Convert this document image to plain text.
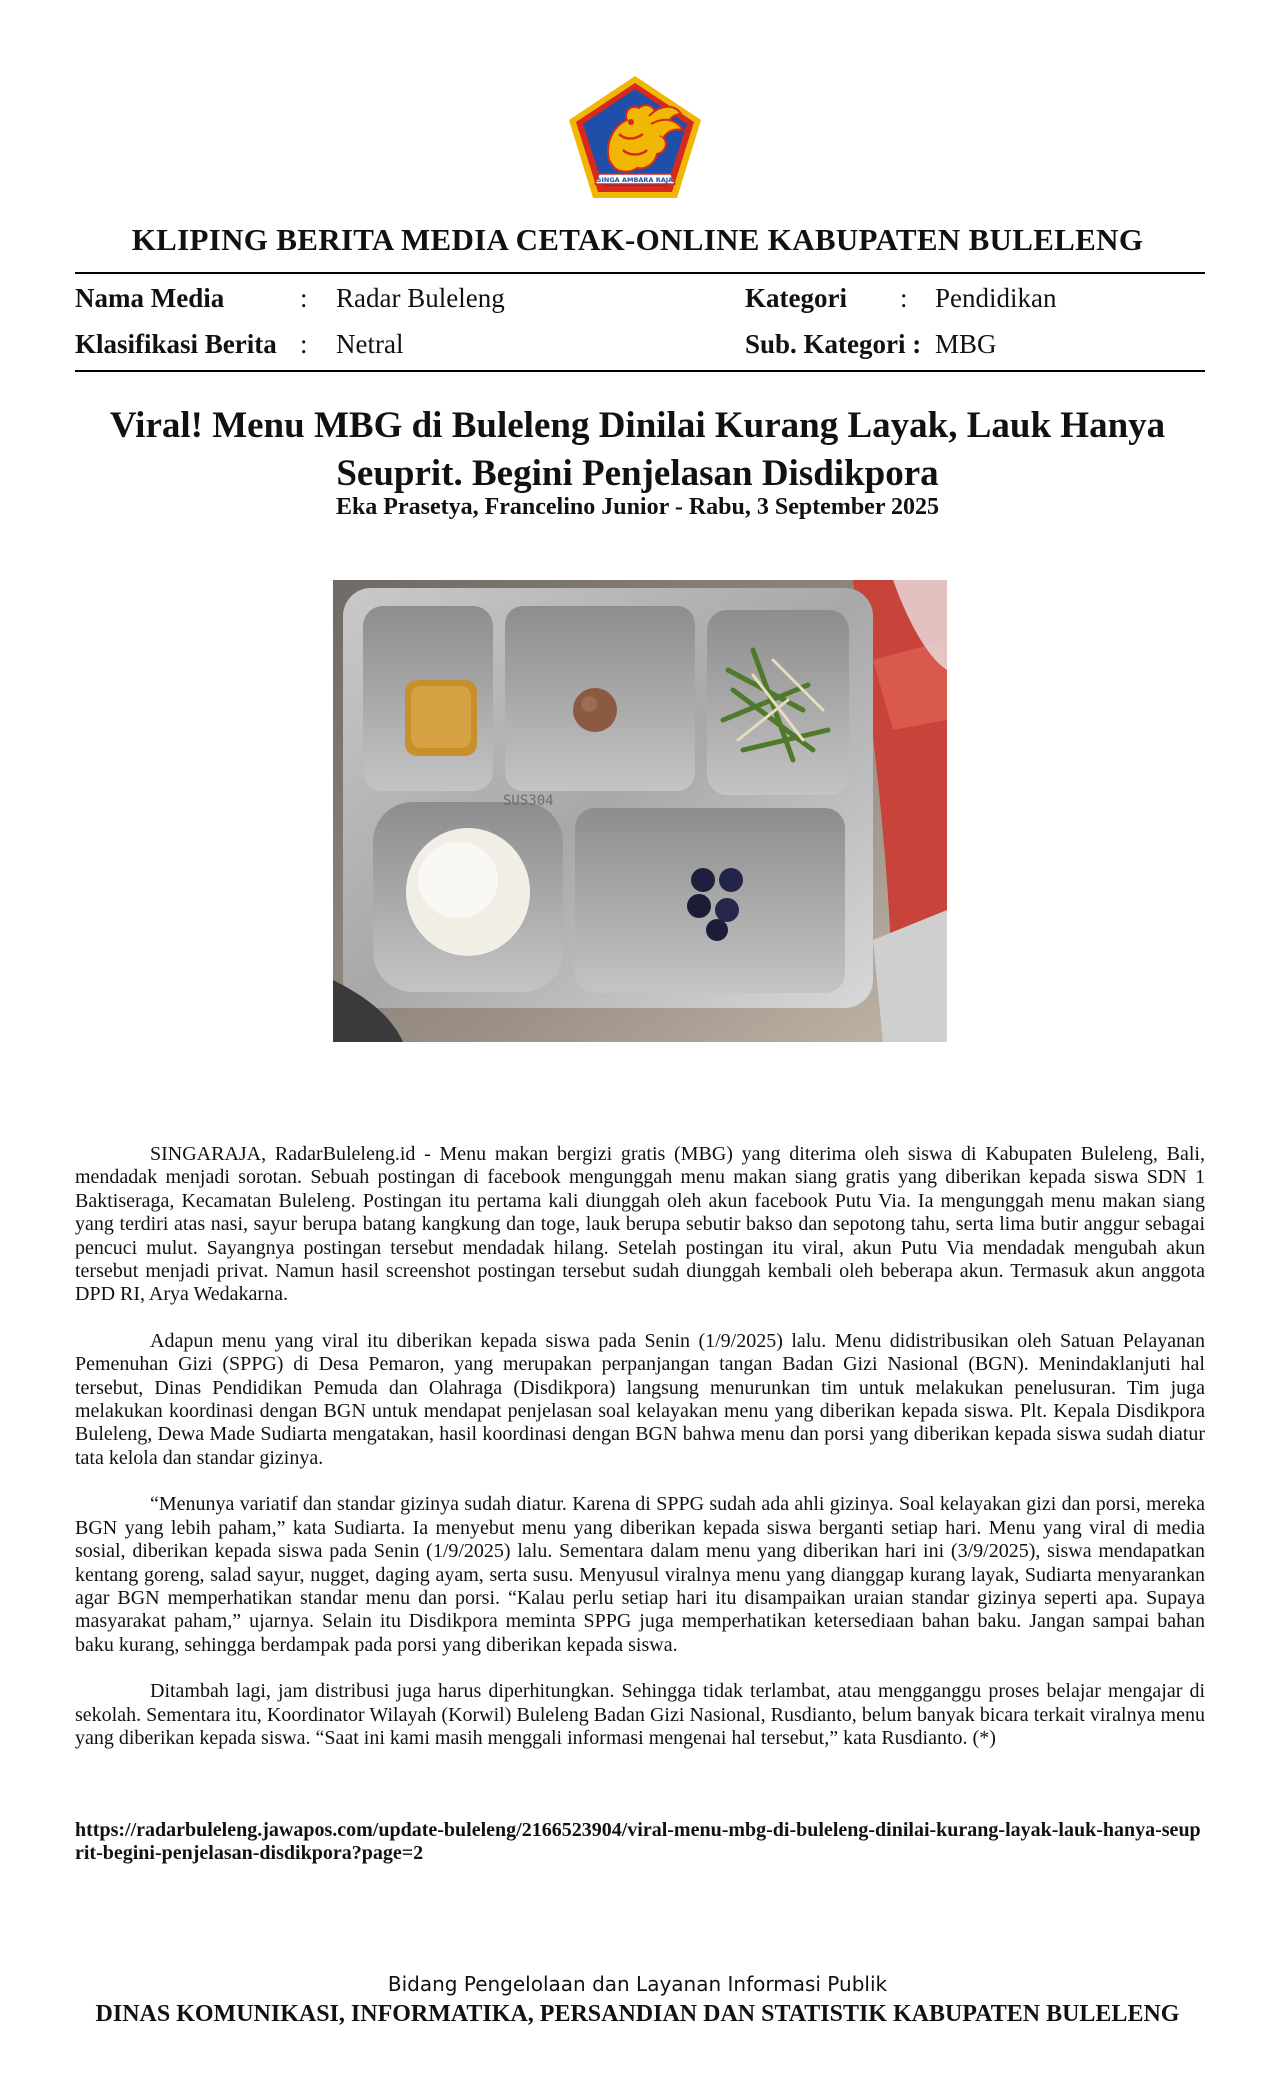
SINGA AMBARA RAJA
KLIPING BERITA MEDIA CETAK-ONLINE KABUPATEN BULELENG
Nama Media	: Radar Buleleng	Kategori : Pendidikan
Klasifikasi Berita : Netral	Sub. Kategori : MBG
Viral! Menu MBG di Buleleng Dinilai Kurang Layak, Lauk Hanya
Seuprit. Begini Penjelasan Disdikpora
Eka Prasetya, Francelino Junior - Rabu, 3 September 2025
SUS304

SINGARAJA, RadarBuleleng.id - Menu makan bergizi gratis (MBG) yang diterima oleh siswa di Kabupaten Buleleng, Bali, mendadak menjadi sorotan. Sebuah postingan di facebook mengunggah menu makan siang gratis yang diberikan kepada siswa SDN 1 Baktiseraga, Kecamatan Buleleng. Postingan itu pertama kali diunggah oleh akun facebook Putu Via. Ia mengunggah menu makan siang yang terdiri atas nasi, sayur berupa batang kangkung dan toge, lauk berupa sebutir bakso dan sepotong tahu, serta lima butir anggur sebagai pencuci mulut. Sayangnya postingan tersebut mendadak hilang. Setelah postingan itu viral, akun Putu Via mendadak mengubah akun tersebut menjadi privat. Namun hasil screenshot postingan tersebut sudah diunggah kembali oleh beberapa akun. Termasuk akun anggota DPD RI, Arya Wedakarna.

Adapun menu yang viral itu diberikan kepada siswa pada Senin (1/9/2025) lalu. Menu didistribusikan oleh Satuan Pelayanan Pemenuhan Gizi (SPPG) di Desa Pemaron, yang merupakan perpanjangan tangan Badan Gizi Nasional (BGN). Menindaklanjuti hal tersebut, Dinas Pendidikan Pemuda dan Olahraga (Disdikpora) langsung menurunkan tim untuk melakukan penelusuran. Tim juga melakukan koordinasi dengan BGN untuk mendapat penjelasan soal kelayakan menu yang diberikan kepada siswa. Plt. Kepala Disdikpora Buleleng, Dewa Made Sudiarta mengatakan, hasil koordinasi dengan BGN bahwa menu dan porsi yang diberikan kepada siswa sudah diatur tata kelola dan standar gizinya.

“Menunya variatif dan standar gizinya sudah diatur. Karena di SPPG sudah ada ahli gizinya. Soal kelayakan gizi dan porsi, mereka BGN yang lebih paham,” kata Sudiarta. Ia menyebut menu yang diberikan kepada siswa berganti setiap hari. Menu yang viral di media sosial, diberikan kepada siswa pada Senin (1/9/2025) lalu. Sementara dalam menu yang diberikan hari ini (3/9/2025), siswa mendapatkan kentang goreng, salad sayur, nugget, daging ayam, serta susu. Menyusul viralnya menu yang dianggap kurang layak, Sudiarta menyarankan agar BGN memperhatikan standar menu dan porsi. “Kalau perlu setiap hari itu disampaikan uraian standar gizinya seperti apa. Supaya masyarakat paham,” ujarnya. Selain itu Disdikpora meminta SPPG juga memperhatikan ketersediaan bahan baku. Jangan sampai bahan baku kurang, sehingga berdampak pada porsi yang diberikan kepada siswa.

Ditambah lagi, jam distribusi juga harus diperhitungkan. Sehingga tidak terlambat, atau mengganggu proses belajar mengajar di sekolah. Sementara itu, Koordinator Wilayah (Korwil) Buleleng Badan Gizi Nasional, Rusdianto, belum banyak bicara terkait viralnya menu yang diberikan kepada siswa. “Saat ini kami masih menggali informasi mengenai hal tersebut,” kata Rusdianto. (*)

https://radarbuleleng.jawapos.com/update-buleleng/2166523904/viral-menu-mbg-di-buleleng-dinilai-kurang-layak-lauk-hanya-seuprit-begini-penjelasan-disdikpora?page=2
Bidang Pengelolaan dan Layanan Informasi Publik
DINAS KOMUNIKASI, INFORMATIKA, PERSANDIAN DAN STATISTIK KABUPATEN BULELENG
